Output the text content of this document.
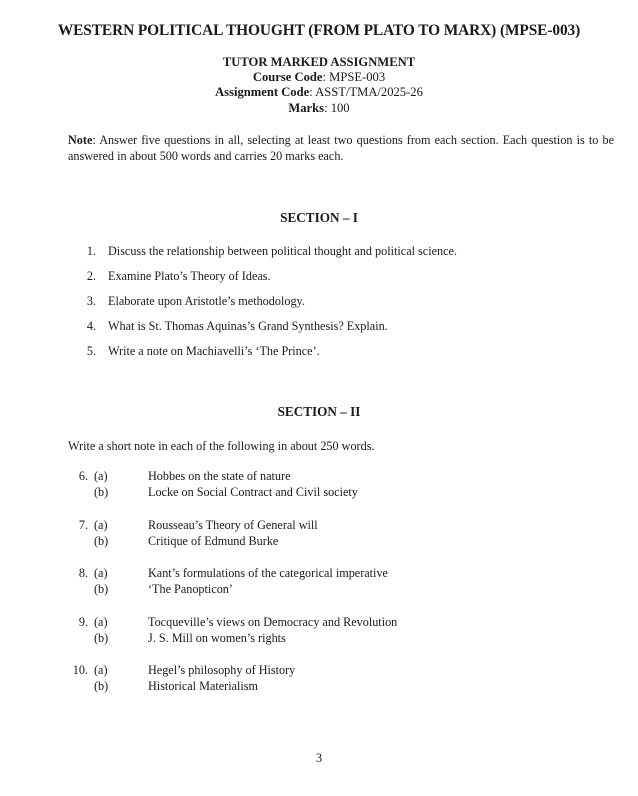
WESTERN POLITICAL THOUGHT (FROM PLATO TO MARX) (MPSE-003)
TUTOR MARKED ASSIGNMENT
Course Code: MPSE-003
Assignment Code: ASST/TMA/2025-26
Marks: 100
Note: Answer five questions in all, selecting at least two questions from each section. Each question is to be answered in about 500 words and carries 20 marks each.
SECTION – I
1. Discuss the relationship between political thought and political science.
2. Examine Plato’s Theory of Ideas.
3. Elaborate upon Aristotle’s methodology.
4. What is St. Thomas Aquinas’s Grand Synthesis? Explain.
5. Write a note on Machiavelli’s ‘The Prince’.
SECTION – II
Write a short note in each of the following in about 250 words.
6. (a)	Hobbes on the state of nature
(b)	Locke on Social Contract and Civil society
7. (a)	Rousseau’s Theory of General will
(b)	Critique of Edmund Burke
8. (a)	Kant’s formulations of the categorical imperative
(b)	‘The Panopticon’
9. (a)	Tocqueville’s views on Democracy and Revolution
(b)	J. S. Mill on women’s rights
10. (a)	Hegel’s philosophy of History
(b)	Historical Materialism
3
